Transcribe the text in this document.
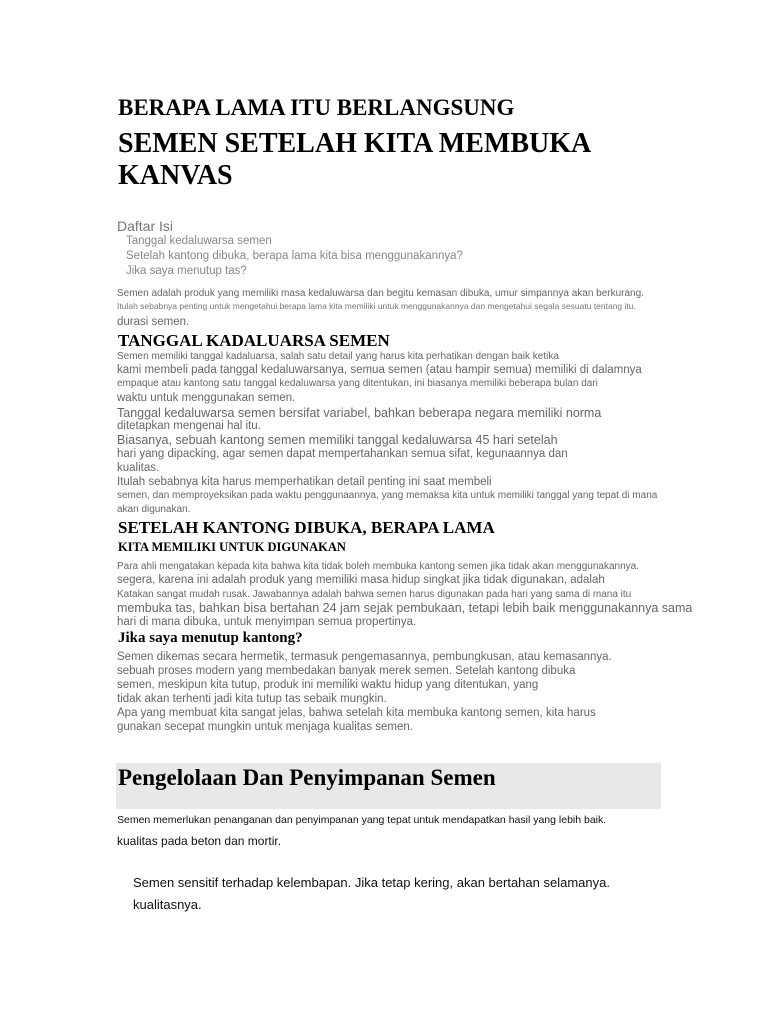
BERAPA LAMA ITU BERLANGSUNG
SEMEN SETELAH KITA MEMBUKA KANVAS
Daftar Isi
Tanggal kedaluwarsa semen
Setelah kantong dibuka, berapa lama kita bisa menggunakannya?
Jika saya menutup tas?

Semen adalah produk yang memiliki masa kedaluwarsa dan begitu kemasan dibuka, umur simpannya akan berkurang.

Itulah sebabnya penting untuk mengetahui berapa lama kita memiliki untuk menggunakannya dan mengetahui segala sesuatu tentang itu.

durasi semen.

TANGGAL KADALUARSA SEMEN

Semen memiliki tanggal kadaluarsa, salah satu detail yang harus kita perhatikan dengan baik ketika

kami membeli pada tanggal kedaluwarsanya, semua semen (atau hampir semua) memiliki di dalamnya

empaque atau kantong satu tanggal kedaluwarsa yang ditentukan, ini biasanya memiliki beberapa bulan dari

waktu untuk menggunakan semen.

Tanggal kedaluwarsa semen bersifat variabel, bahkan beberapa negara memiliki norma

ditetapkan mengenai hal itu.

Biasanya, sebuah kantong semen memiliki tanggal kedaluwarsa 45 hari setelah

hari yang dipacking, agar semen dapat mempertahankan semua sifat, kegunaannya dan

kualitas.

Itulah sebabnya kita harus memperhatikan detail penting ini saat membeli

semen, dan memproyeksikan pada waktu penggunaannya, yang memaksa kita untuk memiliki tanggal yang tepat di mana

akan digunakan.

SETELAH KANTONG DIBUKA, BERAPA LAMA
KITA MEMILIKI UNTUK DIGUNAKAN

Para ahli mengatakan kepada kita bahwa kita tidak boleh membuka kantong semen jika tidak akan menggunakannya.

segera, karena ini adalah produk yang memiliki masa hidup singkat jika tidak digunakan, adalah

Katakan sangat mudah rusak. Jawabannya adalah bahwa semen harus digunakan pada hari yang sama di mana itu

membuka tas, bahkan bisa bertahan 24 jam sejak pembukaan, tetapi lebih baik menggunakannya sama

hari di mana dibuka, untuk menyimpan semua propertinya.

Jika saya menutup kantong?

Semen dikemas secara hermetik, termasuk pengemasannya, pembungkusan, atau kemasannya.

sebuah proses modern yang membedakan banyak merek semen. Setelah kantong dibuka

semen, meskipun kita tutup, produk ini memiliki waktu hidup yang ditentukan, yang

tidak akan terhenti jadi kita tutup tas sebaik mungkin.

Apa yang membuat kita sangat jelas, bahwa setelah kita membuka kantong semen, kita harus

gunakan secepat mungkin untuk menjaga kualitas semen.

Pengelolaan Dan Penyimpanan Semen

Semen memerlukan penanganan dan penyimpanan yang tepat untuk mendapatkan hasil yang lebih baik.

kualitas pada beton dan mortir.

Semen sensitif terhadap kelembapan. Jika tetap kering, akan bertahan selamanya.

kualitasnya.
